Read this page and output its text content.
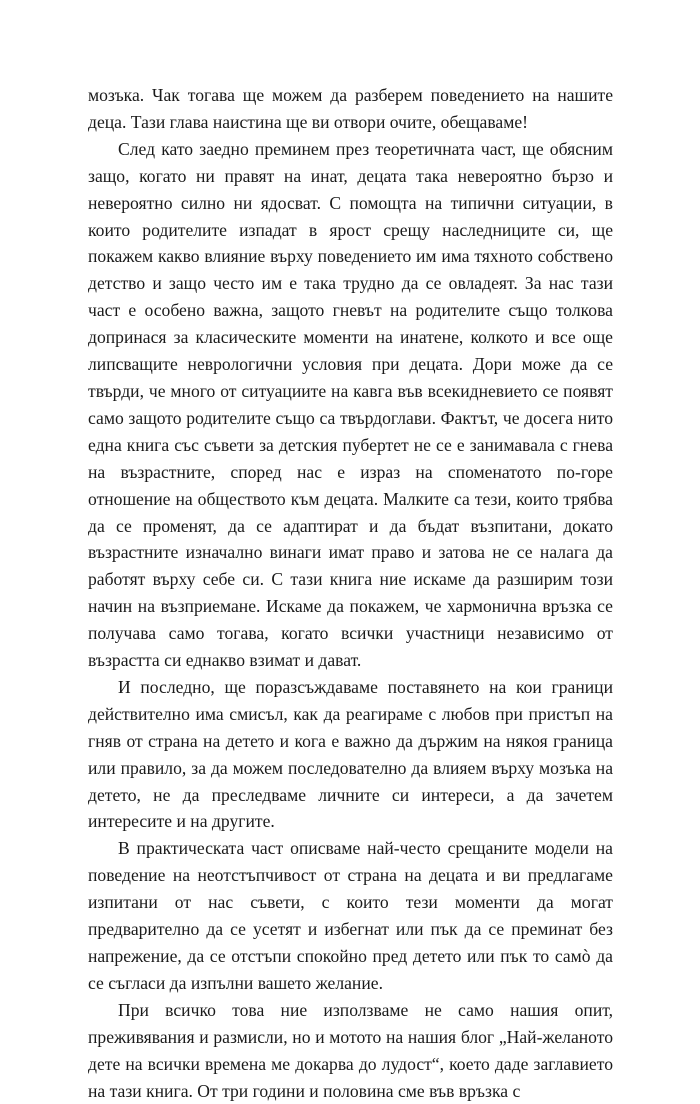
мозъка. Чак тогава ще можем да разберем поведението на нашите деца. Тази глава наистина ще ви отвори очите, обещаваме!

След като заедно преминем през теоретичната част, ще обясним защо, когато ни правят на инат, децата така невероятно бързо и невероятно силно ни ядосват. С помощта на типични ситуации, в които родителите изпадат в ярост срещу наследниците си, ще покажем какво влияние върху поведението им има тяхното собствено детство и защо често им е така трудно да се овладеят. За нас тази част е особено важна, защото гневът на родителите също толкова допринася за класическите моменти на инатене, колкото и все още липсващите неврологични условия при децата. Дори може да се твърди, че много от ситуациите на кавга във всекидневието се появят само защото родителите също са твърдоглави. Фактът, че досега нито една книга със съвети за детския пубертет не се е занимавала с гнева на възрастните, според нас е израз на споменатото по-горе отношение на обществото към децата. Малките са тези, които трябва да се променят, да се адаптират и да бъдат възпитани, докато възрастните изначално винаги имат право и затова не се налага да работят върху себе си. С тази книга ние искаме да разширим този начин на възприемане. Искаме да покажем, че хармонична връзка се получава само тогава, когато всички участници независимо от възрастта си еднакво взимат и дават.

И последно, ще поразсъждаваме поставянето на кои граници действително има смисъл, как да реагираме с любов при пристъп на гняв от страна на детето и кога е важно да държим на някоя граница или правило, за да можем последователно да влияем върху мозъка на детето, не да преследваме личните си интереси, а да зачетем интересите и на другите.

В практическата част описваме най-често срещаните модели на поведение на неотстъпчивост от страна на децата и ви предлагаме изпитани от нас съвети, с които тези моменти да могат предварително да се усетят и избегнат или пък да се преминат без напрежение, да се отстъпи спокойно пред детето или пък то самò да се съгласи да изпълни вашето желание.

При всичко това ние използваме не само нашия опит, преживявания и размисли, но и мотото на нашия блог „Най-желаното дете на всички времена ме докарва до лудост“, което даде заглавието на тази книга. От три години и половина сме във връзка с
